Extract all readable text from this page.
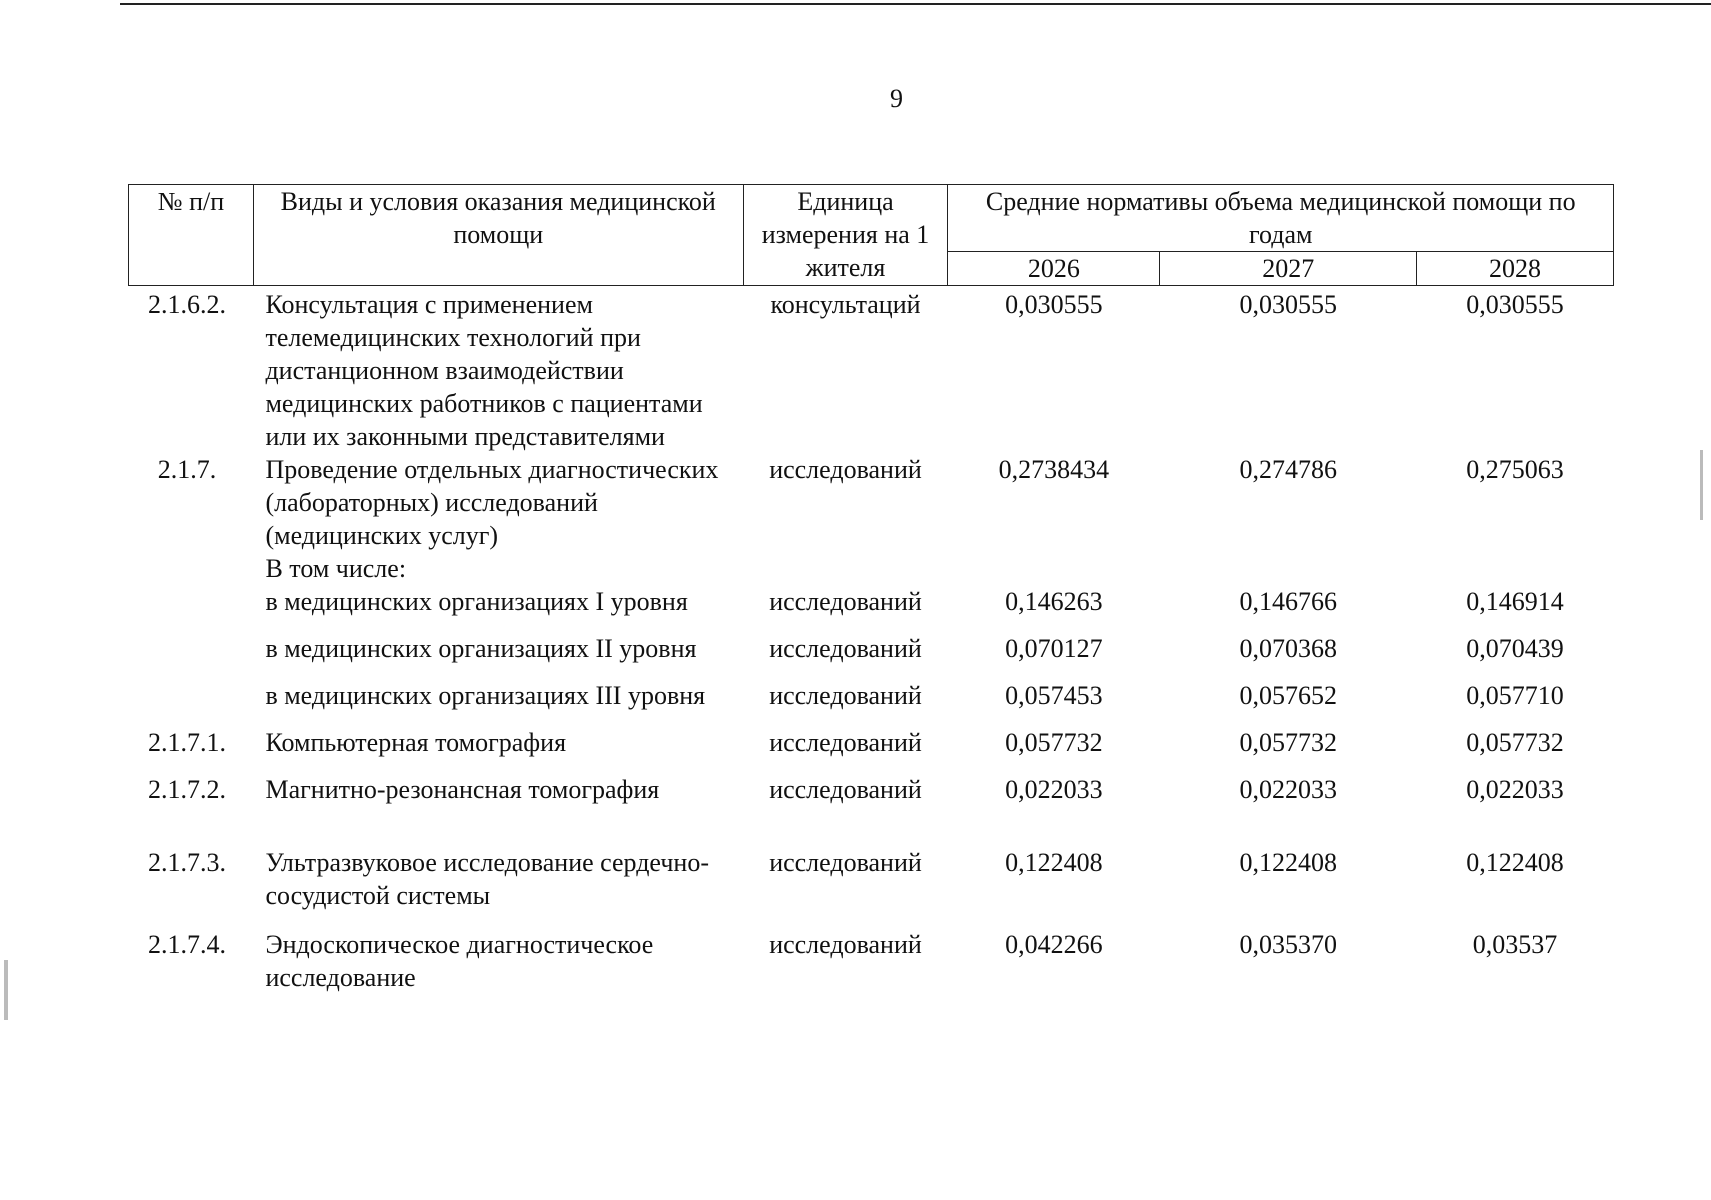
9
№ п/п	Виды и условия оказания медицинской помощи	Единица измерения на 1 жителя	Средние нормативы объема медицинской помощи по годам		
			2026	2027	2028
2.1.6.2.	Консультация с применением телемедицинских технологий при дистанционном взаимодействии медицинских работников с пациентами или их законными представителями	консультаций	0,030555	0,030555	0,030555
2.1.7.	Проведение отдельных диагностических (лабораторных) исследований (медицинских услуг)	исследований	0,2738434	0,274786	0,275063
	В том числе:				
	в медицинских организациях I уровня	исследований	0,146263	0,146766	0,146914
	в медицинских организациях II уровня	исследований	0,070127	0,070368	0,070439
	в медицинских организациях III уровня	исследований	0,057453	0,057652	0,057710
2.1.7.1.	Компьютерная томография	исследований	0,057732	0,057732	0,057732
2.1.7.2.	Магнитно-резонансная томография	исследований	0,022033	0,022033	0,022033
2.1.7.3.	Ультразвуковое исследование сердечно-сосудистой системы	исследований	0,122408	0,122408	0,122408
2.1.7.4.	Эндоскопическое диагностическое исследование	исследований	0,042266	0,035370	0,03537
